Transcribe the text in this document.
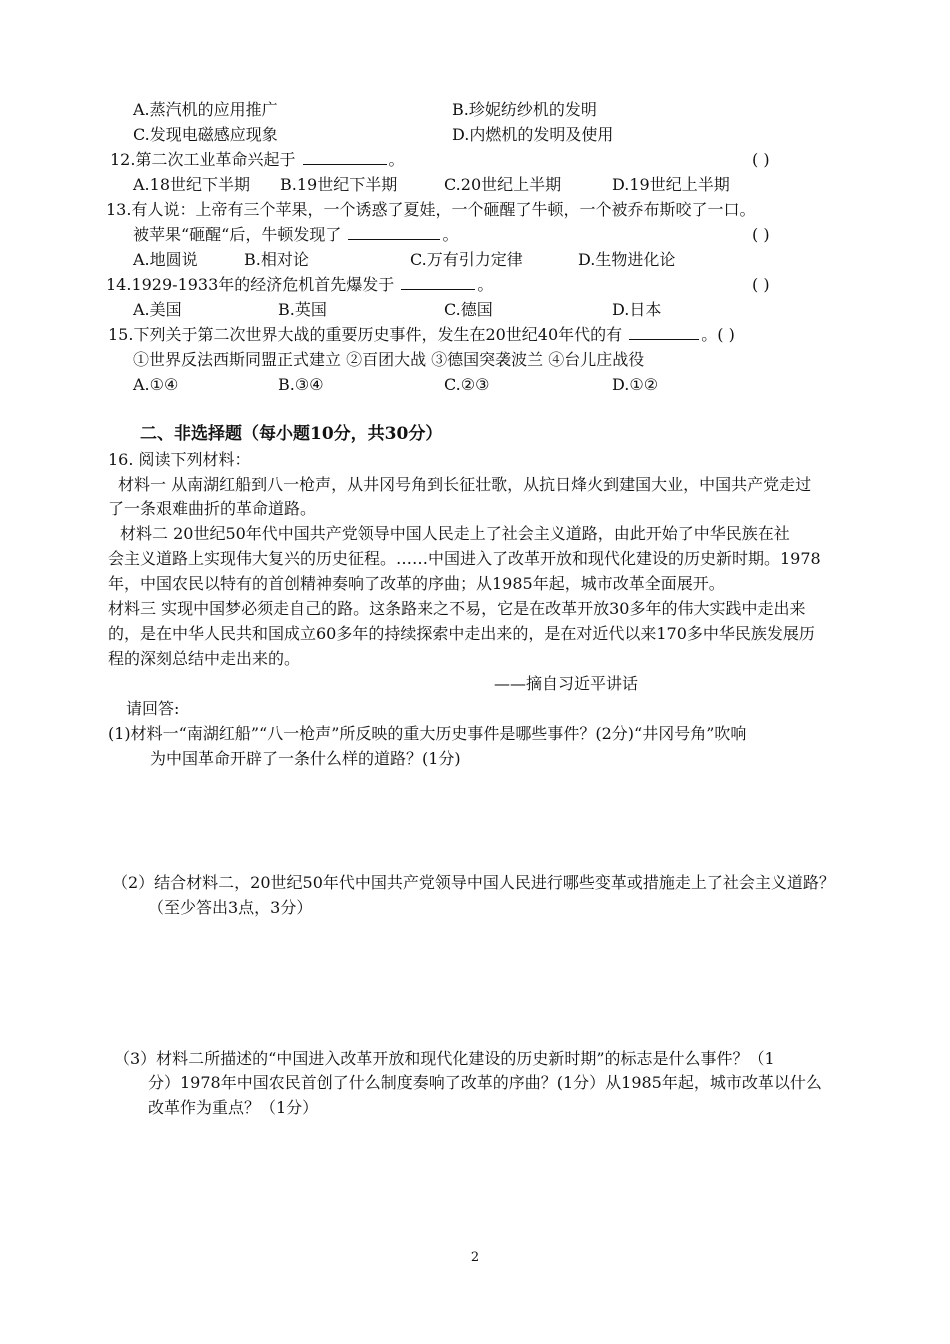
A.蒸汽机的应用推广	B.珍妮纺纱机的发明
C.发现电磁感应现象	D.内燃机的发明及使用
12.第二次工业革命兴起于	。	( )
A.18世纪下半期 B.19世纪下半期	C.20世纪上半期	D.19世纪上半期
13.有人说：上帝有三个苹果，一个诱惑了夏娃，一个砸醒了牛顿，一个被乔布斯咬了一口。
被苹果“砸醒“后，牛顿发现了	。	( )
A.地圆说	B.相对论	C.万有引力定律	D.生物进化论
14.1929-1933年的经济危机首先爆发于	。	( )
A.美国	B.英国	C.德国	D.日本
15.下列关于第二次世界大战的重要历史事件，发生在20世纪40年代的有	。( )
①世界反法西斯同盟正式建立 ②百团大战 ③德国突袭波兰 ④台儿庄战役
A.①④	B.③④	C.②③	D.①②
二、非选择题（每小题10分，共30分）
16. 阅读下列材料：
材料一 从南湖红船到八一枪声，从井冈号角到长征壮歌，从抗日烽火到建国大业，中国共产党走过
了一条艰难曲折的革命道路。
材料二 20世纪50年代中国共产党领导中国人民走上了社会主义道路，由此开始了中华民族在社
会主义道路上实现伟大复兴的历史征程。……中国进入了改革开放和现代化建设的历史新时期。1978
年，中国农民以特有的首创精神奏响了改革的序曲；从1985年起，城市改革全面展开。
材料三 实现中国梦必须走自己的路。这条路来之不易，它是在改革开放30多年的伟大实践中走出来
的，是在中华人民共和国成立60多年的持续探索中走出来的，是在对近代以来170多中华民族发展历
程的深刻总结中走出来的。
——摘自习近平讲话
请回答:
(1)材料一“南湖红船”“八一枪声”所反映的重大历史事件是哪些事件？(2分)“井冈号角”吹响
为中国革命开辟了一条什么样的道路？(1分)
（2）结合材料二，20世纪50年代中国共产党领导中国人民进行哪些变革或措施走上了社会主义道路？
（至少答出3点，3分）
（3）材料二所描述的“中国进入改革开放和现代化建设的历史新时期”的标志是什么事件？（1
分）1978年中国农民首创了什么制度奏响了改革的序曲？(1分）从1985年起，城市改革以什么
改革作为重点？（1分）
2
